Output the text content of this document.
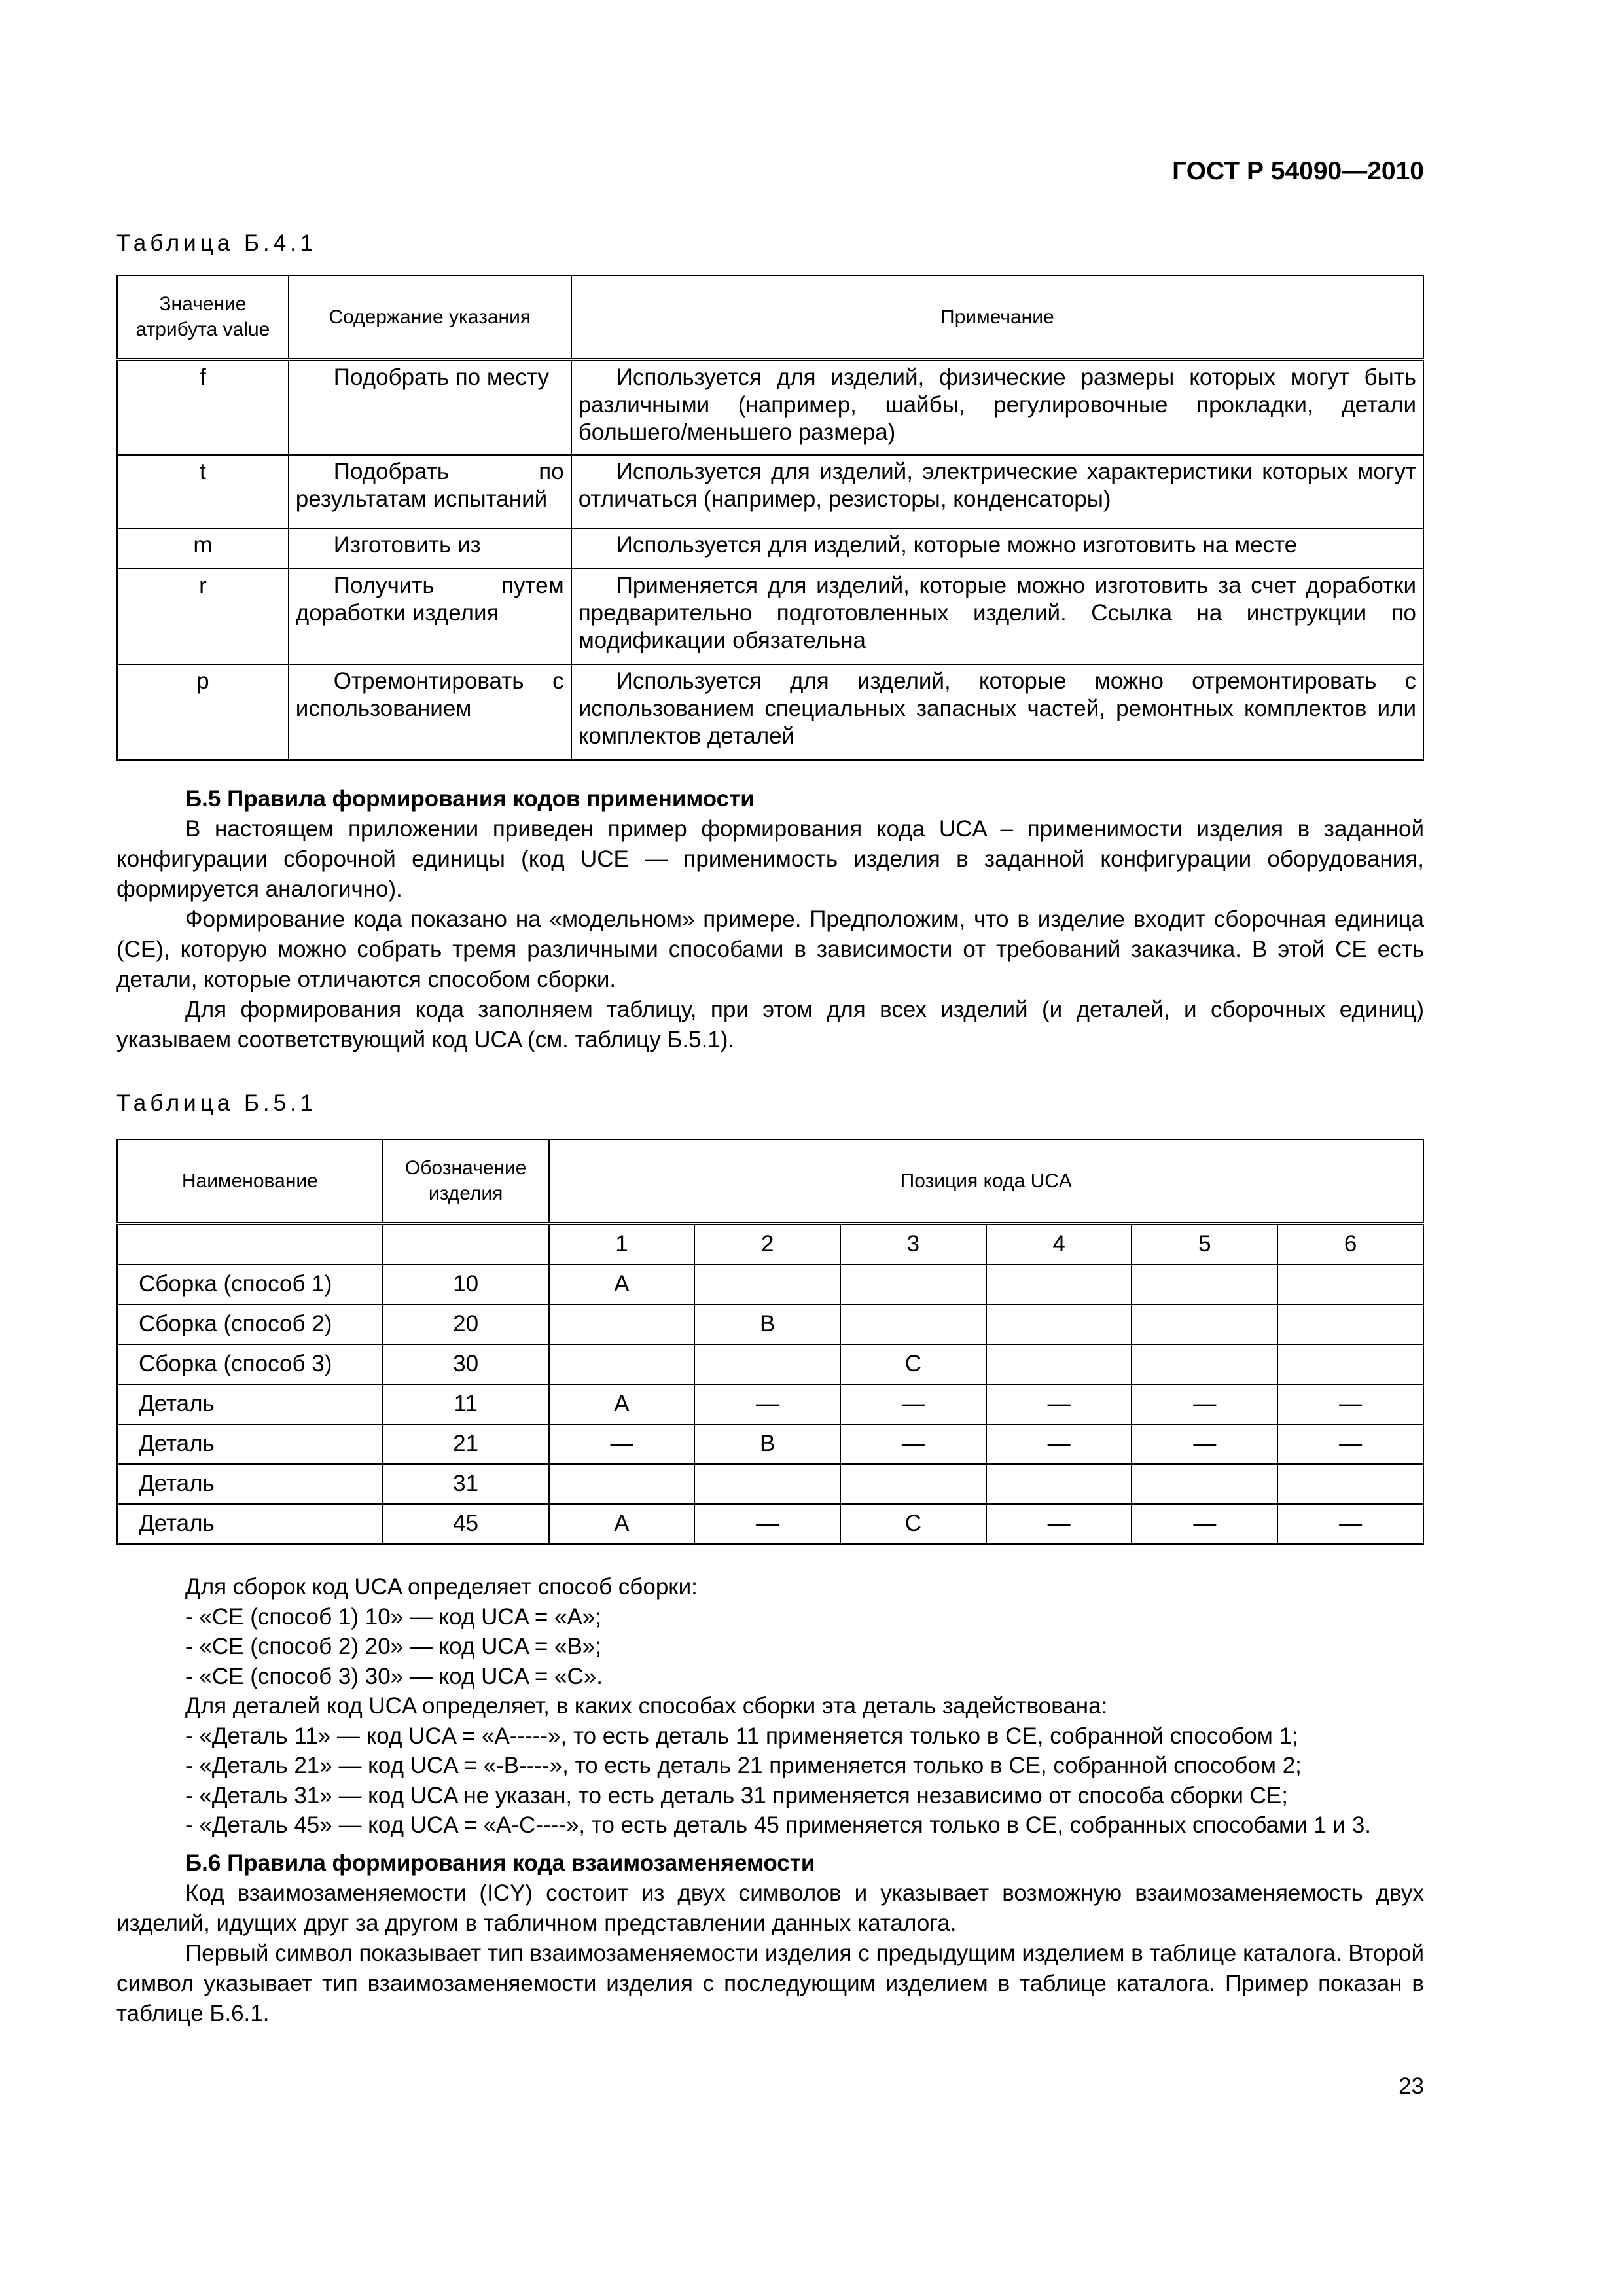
ГОСТ Р 54090—2010
Таблица Б.4.1
Значение атрибута value	Содержание указания	Примечание
f	Подобрать по месту	Используется для изделий, физические размеры которых могут быть различными (например, шайбы, регулировочные прокладки, детали большего/меньшего размера)
t	Подобрать по результатам испытаний	Используется для изделий, электрические характеристики которых могут отличаться (например, резисторы, конденсаторы)
m	Изготовить из	Используется для изделий, которые можно изготовить на месте
r	Получить путем доработки изделия	Применяется для изделий, которые можно изготовить за счет доработки предварительно подготовленных изделий. Ссылка на инструкции по модификации обязательна
p	Отремонтировать с использованием	Используется для изделий, которые можно отремонтировать с использованием специальных запасных частей, ремонтных комплектов или комплектов деталей
Б.5 Правила формирования кодов применимости

В настоящем приложении приведен пример формирования кода UCA – применимости изделия в заданной конфигурации сборочной единицы (код UCE — применимость изделия в заданной конфигурации оборудования, формируется аналогично).

Формирование кода показано на «модельном» примере. Предположим, что в изделие входит сборочная единица (СЕ), которую можно собрать тремя различными способами в зависимости от требований заказчика. В этой СЕ есть детали, которые отличаются способом сборки.

Для формирования кода заполняем таблицу, при этом для всех изделий (и деталей, и сборочных единиц) указываем соответствующий код UCA (см. таблицу Б.5.1).

Таблица Б.5.1
Наименование	Обозначение изделия	Позиция кода UCA					
		1	2	3	4	5	6
Сборка (способ 1)	10	A					
Сборка (способ 2)	20		B				
Сборка (способ 3)	30			C			
Деталь	11	A	—	—	—	—	—
Деталь	21	—	B	—	—	—	—
Деталь	31						
Деталь	45	A	—	C	—	—	—
Для сборок код UCA определяет способ сборки:
- «СЕ (способ 1) 10» — код UCA = «A»;
- «СЕ (способ 2) 20» — код UCA = «B»;
- «СЕ (способ 3) 30» — код UCA = «C».
Для деталей код UCA определяет, в каких способах сборки эта деталь задействована:
- «Деталь 11» — код UCA = «A-----», то есть деталь 11 применяется только в СЕ, собранной способом 1;
- «Деталь 21» — код UCA = «-B----», то есть деталь 21 применяется только в СЕ, собранной способом 2;
- «Деталь 31» — код UCA не указан, то есть деталь 31 применяется независимо от способа сборки СЕ;
- «Деталь 45» — код UCA = «A-C----», то есть деталь 45 применяется только в СЕ, собранных способами 1 и 3.
Б.6 Правила формирования кода взаимозаменяемости

Код взаимозаменяемости (ICY) состоит из двух символов и указывает возможную взаимозаменяемость двух изделий, идущих друг за другом в табличном представлении данных каталога.

Первый символ показывает тип взаимозаменяемости изделия с предыдущим изделием в таблице каталога. Второй символ указывает тип взаимозаменяемости изделия с последующим изделием в таблице каталога. Пример показан в таблице Б.6.1.

23
